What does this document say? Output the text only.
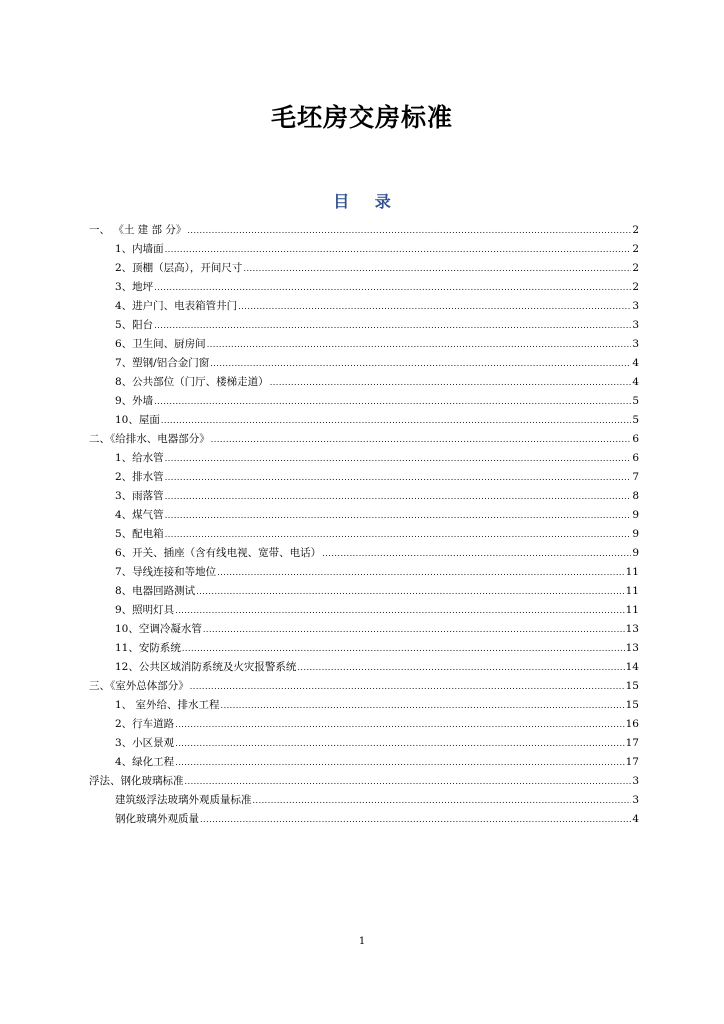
毛坯房交房标准
目 录
一、 《土 建 部 分》 .....	2
1、内墙面 .....	2
2、顶棚（层高），开间尺寸 .....	2
3、地坪 .....	2
4、进户门、电表箱管井门 .....	3
5、阳台 .....	3
6、卫生间、厨房间 .....	3
7、塑钢/铝合金门窗 .....	4
8、公共部位（门厅、楼梯走道） .....	4
9、外墙 .....	5
10、屋面 .....	5
二、《给排水、电器部分》 .....	6
1、给水管 .....	6
2、排水管 .....	7
3、雨落管 .....	8
4、煤气管 .....	9
5、配电箱 .....	9
6、开关、插座（含有线电视、宽带、电话） .....	9
7、导线连接和等地位 .....	11
8、电器回路测试 .....	11
9、照明灯具 .....	11
10、空调冷凝水管 .....	13
11、安防系统 .....	13
12、公共区域消防系统及火灾报警系统 .....	14
三、《室外总体部分》 .....	15
1、 室外给、排水工程 .....	15
2、行车道路 .....	16
3、小区景观 .....	17
4、绿化工程 .....	17
浮法、钢化玻璃标准 .....	3
建筑级浮法玻璃外观质量标准 .....	3
钢化玻璃外观质量 .....	4
1
